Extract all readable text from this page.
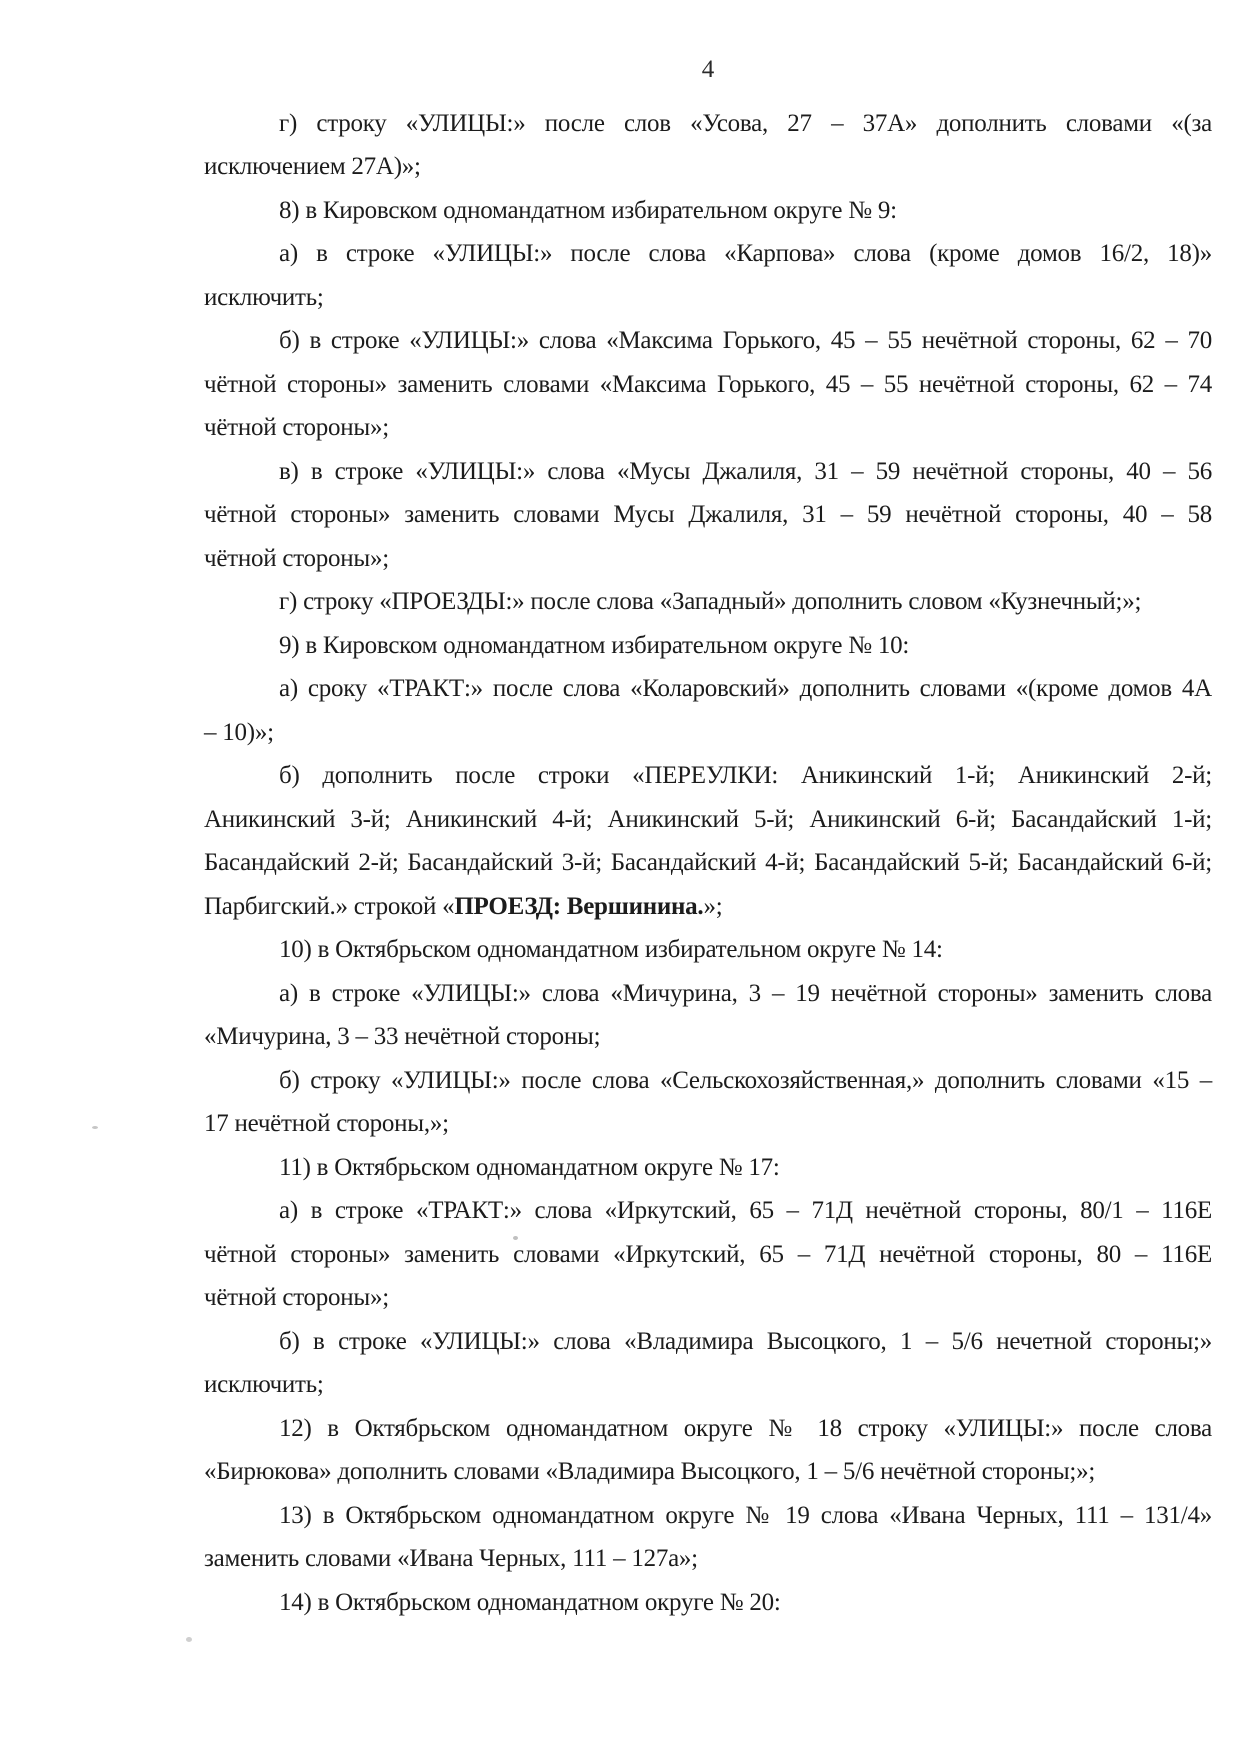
4
г) строку «УЛИЦЫ:» после слов «Усова, 27 – 37А» дополнить словами «(за
исключением 27А)»;
8) в Кировском одномандатном избирательном округе № 9:
а) в строке «УЛИЦЫ:» после слова «Карпова» слова (кроме домов 16/2, 18)»
исключить;
б) в строке «УЛИЦЫ:» слова «Максима Горького, 45 – 55 нечётной стороны, 62 – 70
чётной стороны» заменить словами «Максима Горького, 45 – 55 нечётной стороны, 62 – 74
чётной стороны»;
в) в строке «УЛИЦЫ:» слова «Мусы Джалиля, 31 – 59 нечётной стороны, 40 – 56
чётной стороны» заменить словами Мусы Джалиля, 31 – 59 нечётной стороны, 40 – 58
чётной стороны»;
г) строку «ПРОЕЗДЫ:» после слова «Западный» дополнить словом «Кузнечный;»;
9) в Кировском одномандатном избирательном округе № 10:
а) сроку «ТРАКТ:» после слова «Коларовский» дополнить словами «(кроме домов 4А
– 10)»;
б) дополнить после строки «ПЕРЕУЛКИ: Аникинский 1-й; Аникинский 2-й;
Аникинский 3-й; Аникинский 4-й; Аникинский 5-й; Аникинский 6-й; Басандайский 1-й;
Басандайский 2-й; Басандайский 3-й; Басандайский 4-й; Басандайский 5-й; Басандайский 6-й;
Парбигский.» строкой «ПРОЕЗД: Вершинина.»;
10) в Октябрьском одномандатном избирательном округе № 14:
а) в строке «УЛИЦЫ:» слова «Мичурина, 3 – 19 нечётной стороны» заменить слова
«Мичурина, 3 – 33 нечётной стороны;
б) строку «УЛИЦЫ:» после слова «Сельскохозяйственная,» дополнить словами «15 –
17 нечётной стороны,»;
11) в Октябрьском одномандатном округе № 17:
а) в строке «ТРАКТ:» слова «Иркутский, 65 – 71Д нечётной стороны, 80/1 – 116Е
чётной стороны» заменить словами «Иркутский, 65 – 71Д нечётной стороны, 80 – 116Е
чётной стороны»;
б) в строке «УЛИЦЫ:» слова «Владимира Высоцкого, 1 – 5/6 нечетной стороны;»
исключить;
12) в Октябрьском одномандатном округе № 18 строку «УЛИЦЫ:» после слова
«Бирюкова» дополнить словами «Владимира Высоцкого, 1 – 5/6 нечётной стороны;»;
13) в Октябрьском одномандатном округе № 19 слова «Ивана Черных, 111 – 131/4»
заменить словами «Ивана Черных, 111 – 127а»;
14) в Октябрьском одномандатном округе № 20:
